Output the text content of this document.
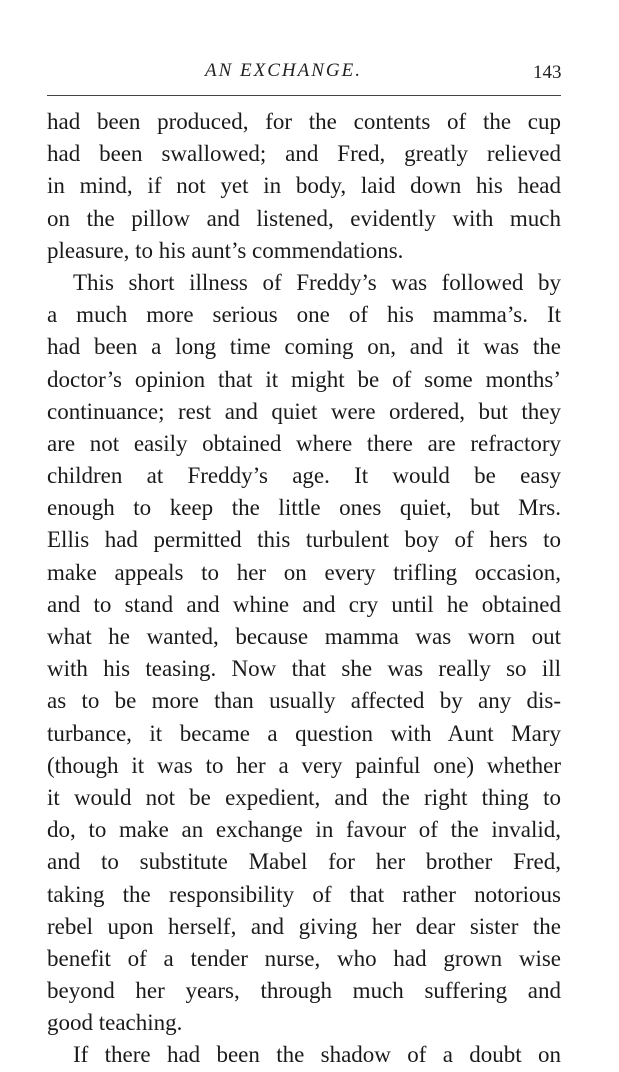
AN EXCHANGE.	143
had been produced, for the contents of the cup
had been swallowed; and Fred, greatly relieved
in mind, if not yet in body, laid down his head
on the pillow and listened, evidently with much
pleasure, to his aunt’s commendations.
This short illness of Freddy’s was followed by
a much more serious one of his mamma’s. It
had been a long time coming on, and it was the
doctor’s opinion that it might be of some months’
continuance; rest and quiet were ordered, but they
are not easily obtained where there are refractory
children at Freddy’s age. It would be easy
enough to keep the little ones quiet, but Mrs.
Ellis had permitted this turbulent boy of hers to
make appeals to her on every trifling occasion,
and to stand and whine and cry until he obtained
what he wanted, because mamma was worn out
with his teasing. Now that she was really so ill
as to be more than usually affected by any dis-
turbance, it became a question with Aunt Mary
(though it was to her a very painful one) whether
it would not be expedient, and the right thing to
do, to make an exchange in favour of the invalid,
and to substitute Mabel for her brother Fred,
taking the responsibility of that rather notorious
rebel upon herself, and giving her dear sister the
benefit of a tender nurse, who had grown wise
beyond her years, through much suffering and
good teaching.
If there had been the shadow of a doubt on
